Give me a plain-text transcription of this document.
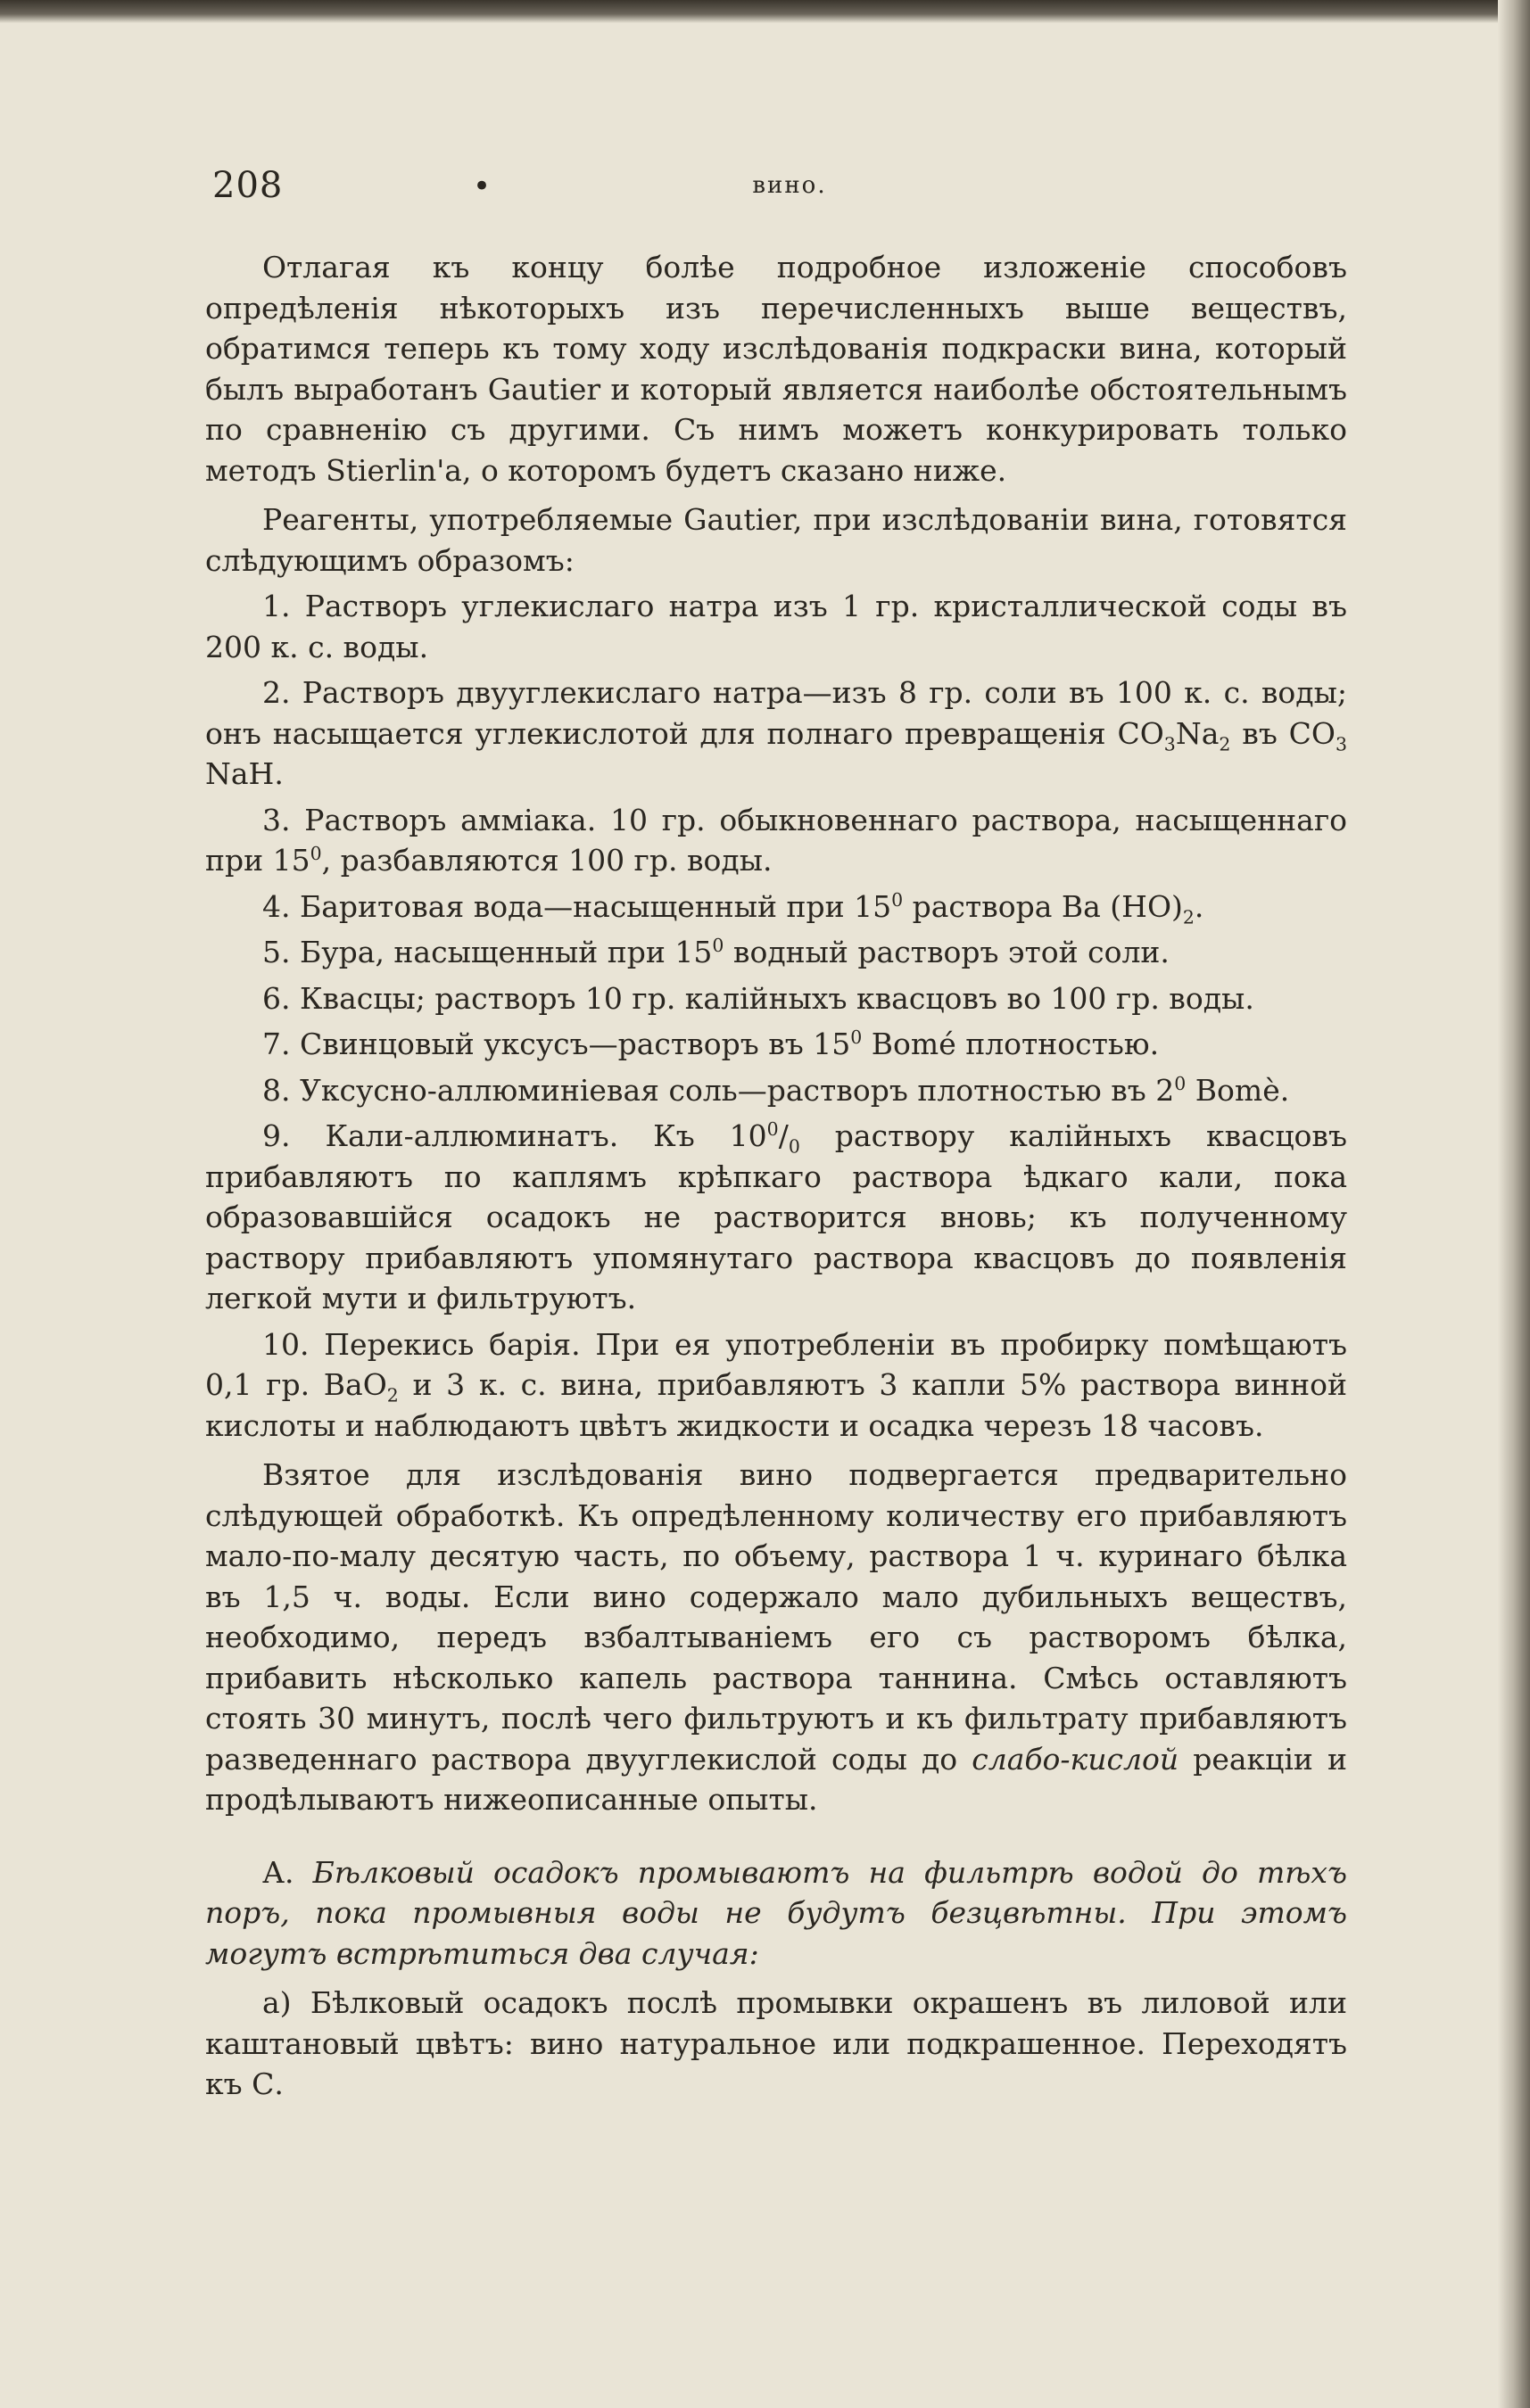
208	•	вино.

Отлагая къ концу болѣе подробное изложеніе способовъ опредѣленія нѣкоторыхъ изъ перечисленныхъ выше веществъ, обратимся теперь къ тому ходу изслѣдованія подкраски вина, который былъ выработанъ Gautier и который является наиболѣе обстоятельнымъ по сравненію съ другими. Съ нимъ можетъ конкурировать только методъ Stierlin'a, о которомъ будетъ сказано ниже.

Реагенты, употребляемые Gautier, при изслѣдованіи вина, готовятся слѣдующимъ образомъ:

1. Растворъ углекислаго натра изъ 1 гр. кристаллической соды въ 200 к. с. воды.

2. Растворъ двууглекислаго натра—изъ 8 гр. соли въ 100 к. с. воды; онъ насыщается углекислотой для полнаго превращенія $CO_3Na_2$ въ $CO_3$ NaH.

3. Растворъ амміака. 10 гр. обыкновеннаго раствора, насыщеннаго при $15^0$, разбавляются 100 гр. воды.

4. Баритовая вода—насыщенный при $15^0$ раствора Ba $(HO)_2$.

5. Бура, насыщенный при $15^0$ водный растворъ этой соли.

6. Квасцы; растворъ 10 гр. калійныхъ квасцовъ во 100 гр. воды.

7. Свинцовый уксусъ—растворъ въ $15^0$ Bomé плотностью.

8. Уксусно-аллюминіевая соль—растворъ плотностью въ $2^0$ Bomè.

9. Кали-аллюминатъ. Къ $10^0/_0$ раствору калійныхъ квасцовъ прибавляютъ по каплямъ крѣпкаго раствора ѣдкаго кали, пока образовавшійся осадокъ не растворится вновь; къ полученному раствору прибавляютъ упомянутаго раствора квасцовъ до появленія легкой мути и фильтруютъ.

10. Перекись барія. При ея употребленіи въ пробирку помѣщаютъ 0,1 гр. BaO$_2$ и 3 к. с. вина, прибавляютъ 3 капли 5% раствора винной кислоты и наблюдаютъ цвѣтъ жидкости и осадка черезъ 18 часовъ.

Взятое для изслѣдованія вино подвергается предварительно слѣдующей обработкѣ. Къ опредѣленному количеству его прибавляютъ мало-по-малу десятую часть, по объему, раствора 1 ч. куринаго бѣлка въ 1,5 ч. воды. Если вино содержало мало дубильныхъ веществъ, необходимо, передъ взбалтываніемъ его съ растворомъ бѣлка, прибавить нѣсколько капель раствора таннина. Смѣсь оставляютъ стоять 30 минутъ, послѣ чего фильтруютъ и къ фильтрату прибавляютъ разведеннаго раствора двууглекислой соды до слабо-кислой реакціи и продѣлываютъ нижеописанные опыты.

А. Бѣлковый осадокъ промываютъ на фильтрѣ водой до тѣхъ поръ, пока промывныя воды не будутъ безцвѣтны. При этомъ могутъ встрѣтиться два случая:

а) Бѣлковый осадокъ послѣ промывки окрашенъ въ лиловой или каштановый цвѣтъ: вино натуральное или подкрашенное. Переходятъ къ С.
